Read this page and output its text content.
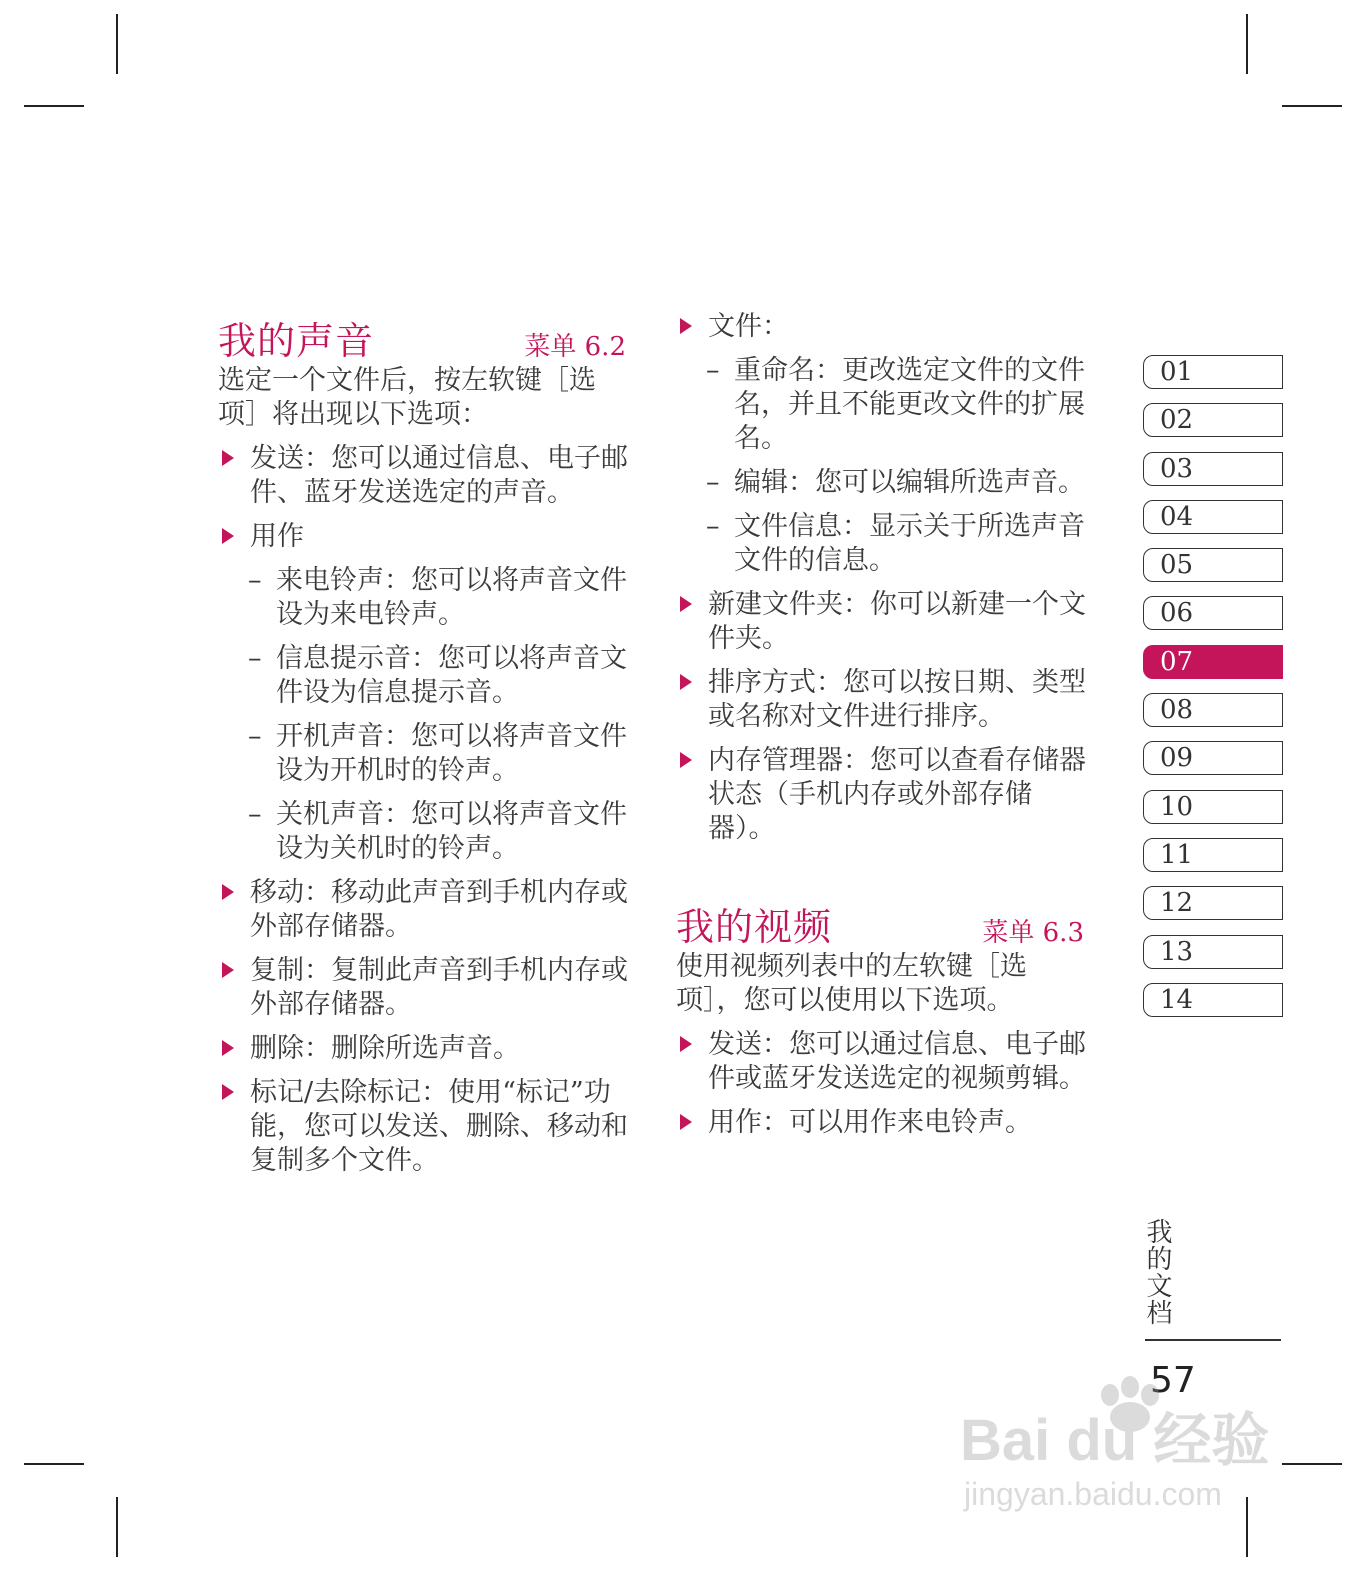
我的声音	菜单 6.2

选定一个文件后，按左软键［选项］将出现以下选项：

发送：您可以通过信息、电子邮件、蓝牙发送选定的声音。
用作
– 来电铃声：您可以将声音文件设为来电铃声。
– 信息提示音：您可以将声音文件设为信息提示音。
– 开机声音：您可以将声音文件设为开机时的铃声。
– 关机声音：您可以将声音文件设为关机时的铃声。
移动：移动此声音到手机内存或外部存储器。
复制：复制此声音到手机内存或外部存储器。
删除：删除所选声音。
标记/去除标记：使用“标记”功能，您可以发送、删除、移动和复制多个文件。
文件：
– 重命名：更改选定文件的文件名，并且不能更改文件的扩展名。
– 编辑：您可以编辑所选声音。
– 文件信息：显示关于所选声音文件的信息。
新建文件夹：你可以新建一个文件夹。
排序方式：您可以按日期、类型或名称对文件进行排序。
内存管理器：您可以查看存储器状态（手机内存或外部存储器）。
我的视频	菜单 6.3

使用视频列表中的左软键［选项］，您可以使用以下选项。

发送：您可以通过信息、电子邮件或蓝牙发送选定的视频剪辑。
用作：可以用作来电铃声。
01
02
03
04
05
06
07
08
09
10
11
12
13
14
我的文档
57
Bai du 经验
jingyan.baidu.com
